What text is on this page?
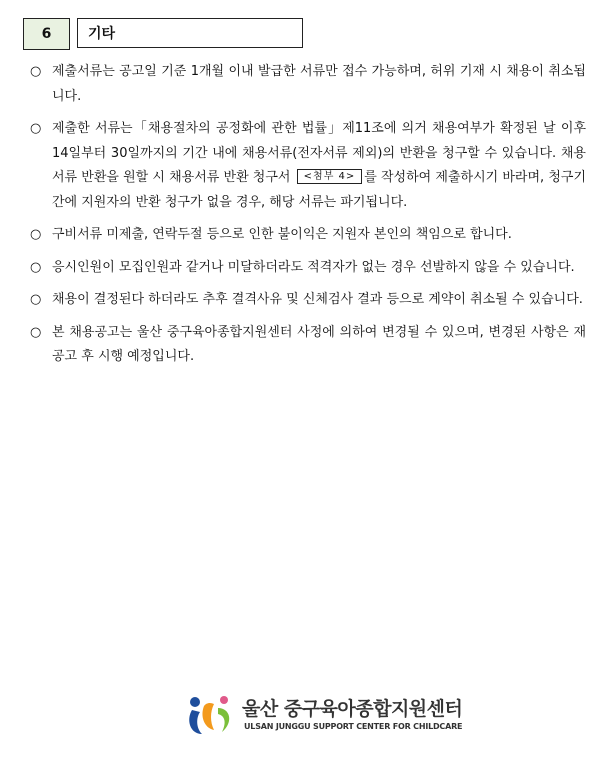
6	기타
○ 제출서류는 공고일 기준 1개월 이내 발급한 서류만 접수 가능하며, 허위 기재 시 채용이 취소됩니다.
○ 제출한 서류는「채용절차의 공정화에 관한 법률」제11조에 의거 채용여부가 확정된 날 이후 14일부터 30일까지의 기간 내에 채용서류(전자서류 제외)의 반환을 청구할 수 있습니다. 채용서류 반환을 원할 시 채용서류 반환 청구서 <첨부 4> 를 작성하여 제출하시기 바라며, 청구기간에 지원자의 반환 청구가 없을 경우, 해당 서류는 파기됩니다.
○ 구비서류 미제출, 연락두절 등으로 인한 불이익은 지원자 본인의 책임으로 합니다.
○ 응시인원이 모집인원과 같거나 미달하더라도 적격자가 없는 경우 선발하지 않을 수 있습니다.
○ 채용이 결정된다 하더라도 추후 결격사유 및 신체검사 결과 등으로 계약이 취소될 수 있습니다.
○ 본 채용공고는 울산 중구육아종합지원센터 사정에 의하여 변경될 수 있으며, 변경된 사항은 재공고 후 시행 예정입니다.
울산 중구육아종합지원센터
ULSAN JUNGGU SUPPORT CENTER FOR CHILDCARE
